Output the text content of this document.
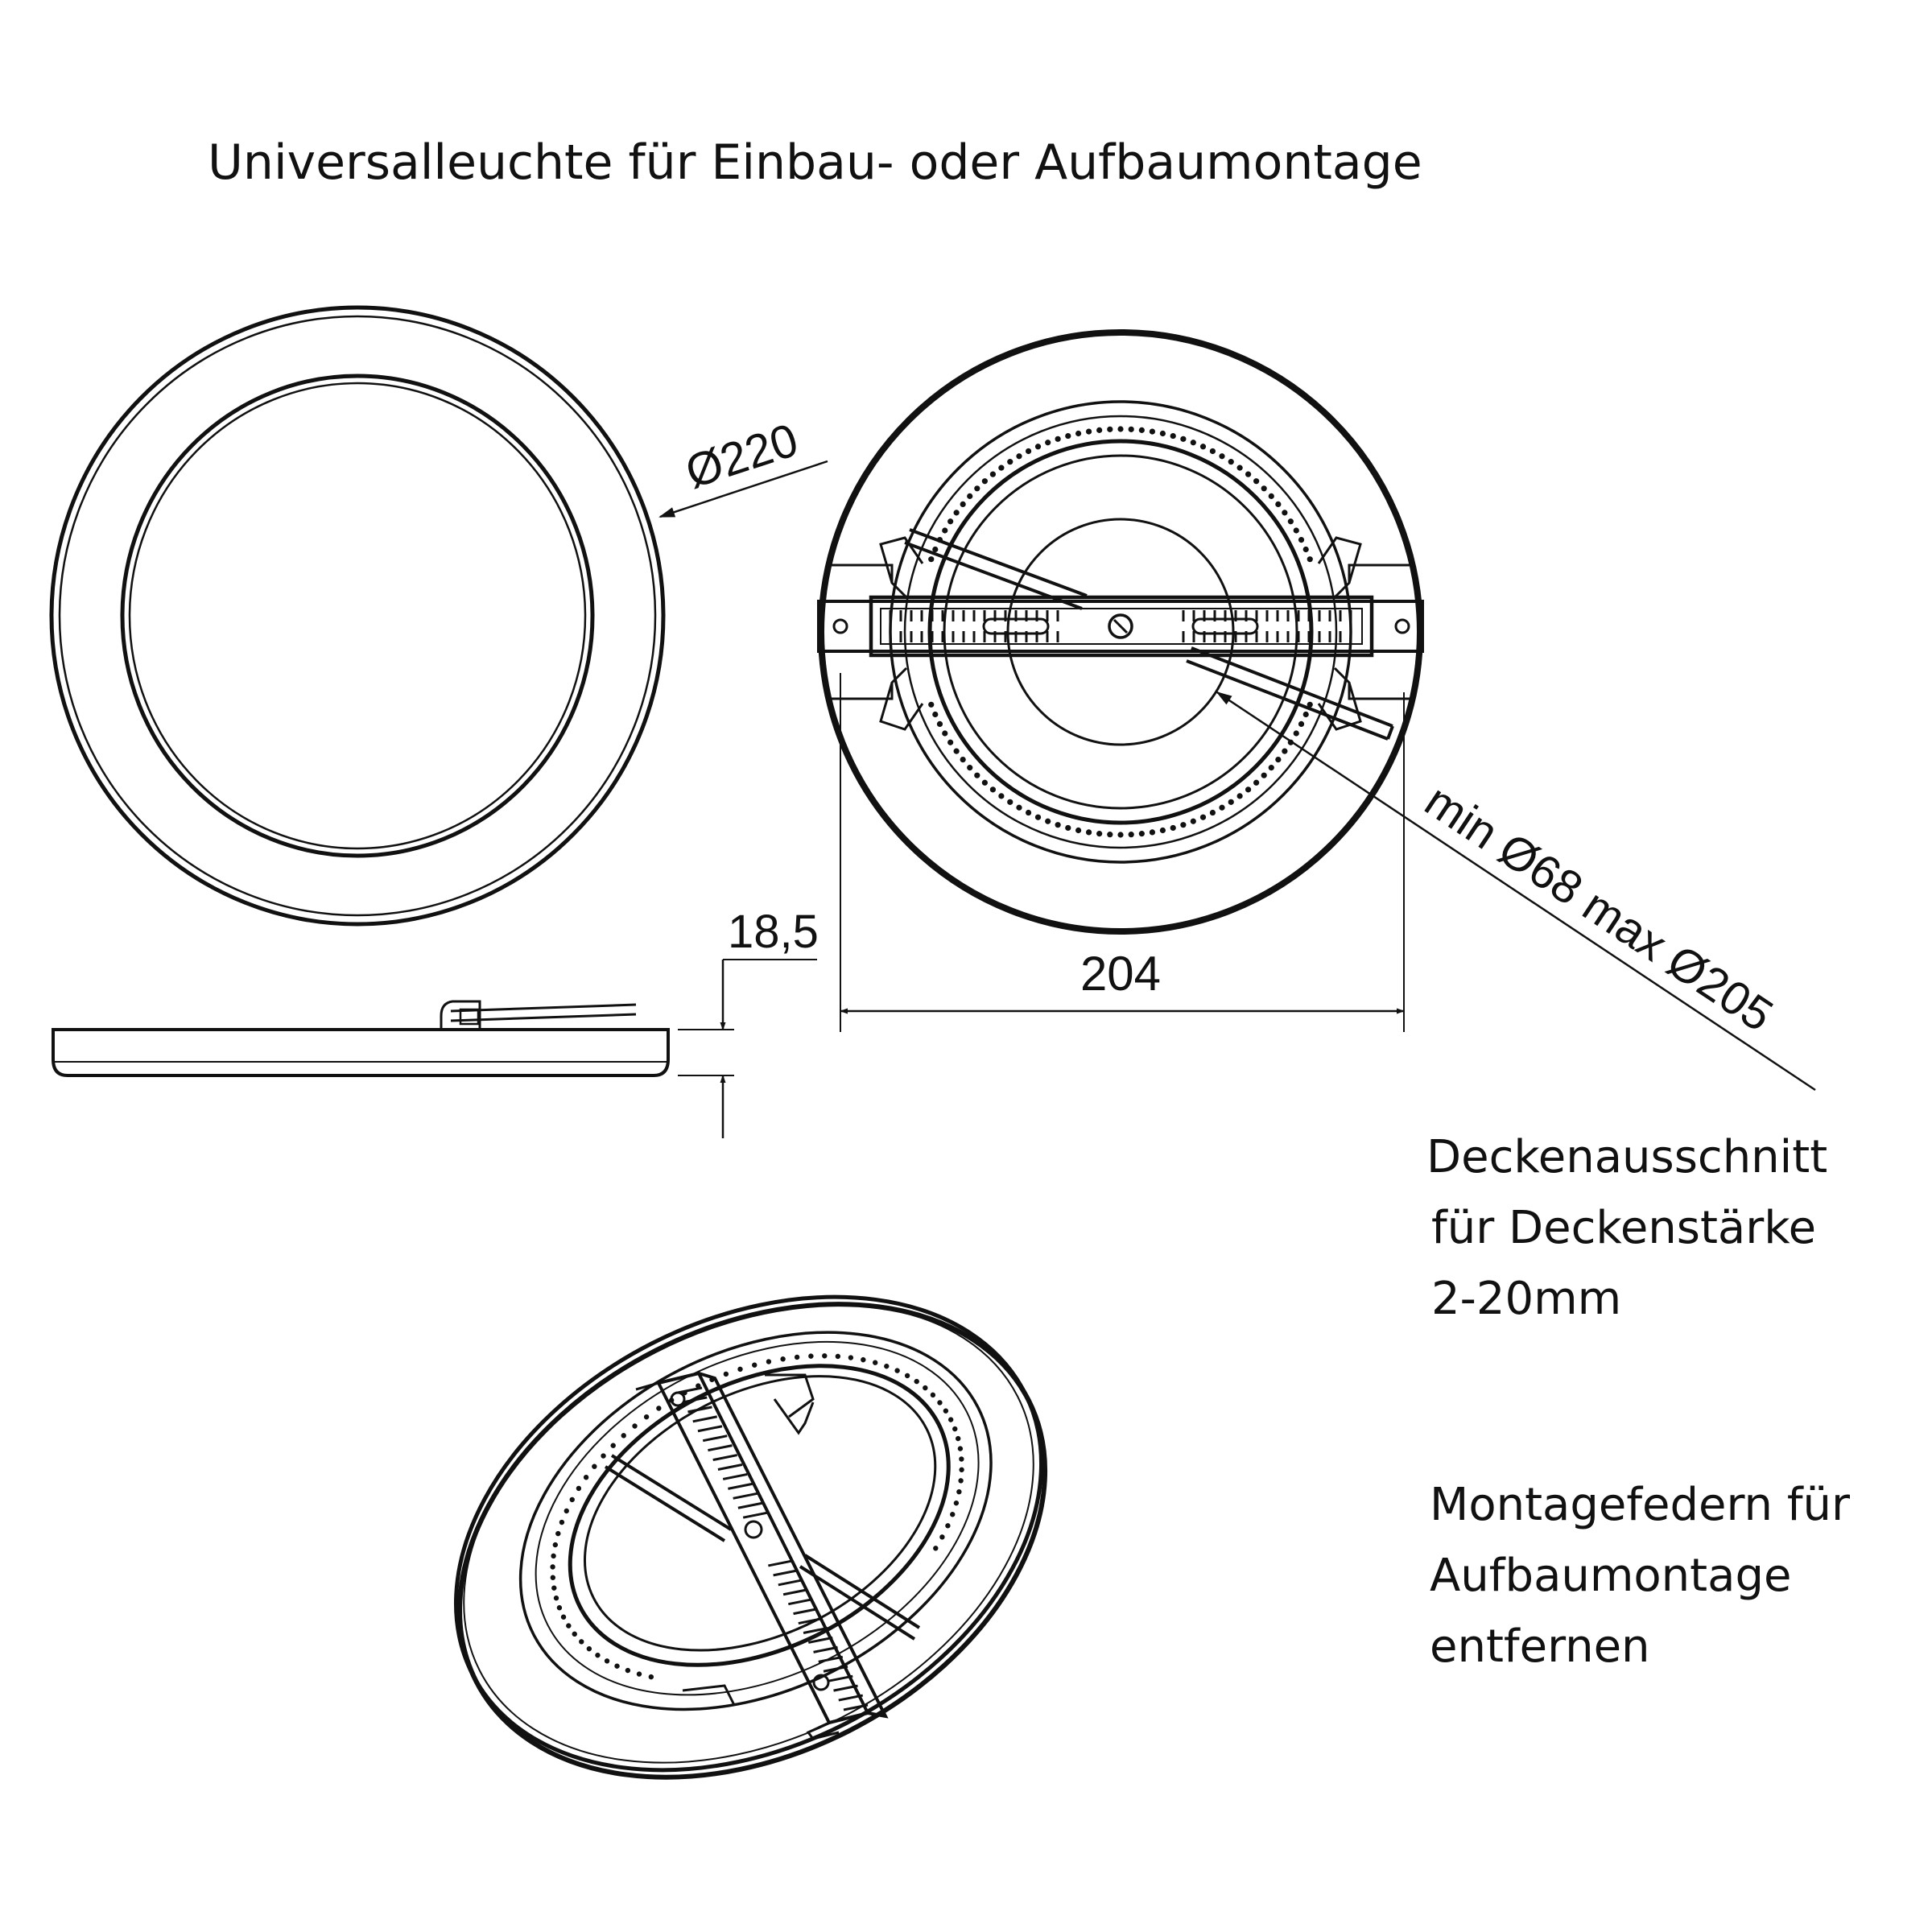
Universalleuchte für Einbau- oder Aufbaumontage
Ø220
18,5
204	min Ø68 max Ø205
Deckenausschnitt
für Deckenstärke
2-20mm
Montagefedern für
Aufbaumontage
entfernen
